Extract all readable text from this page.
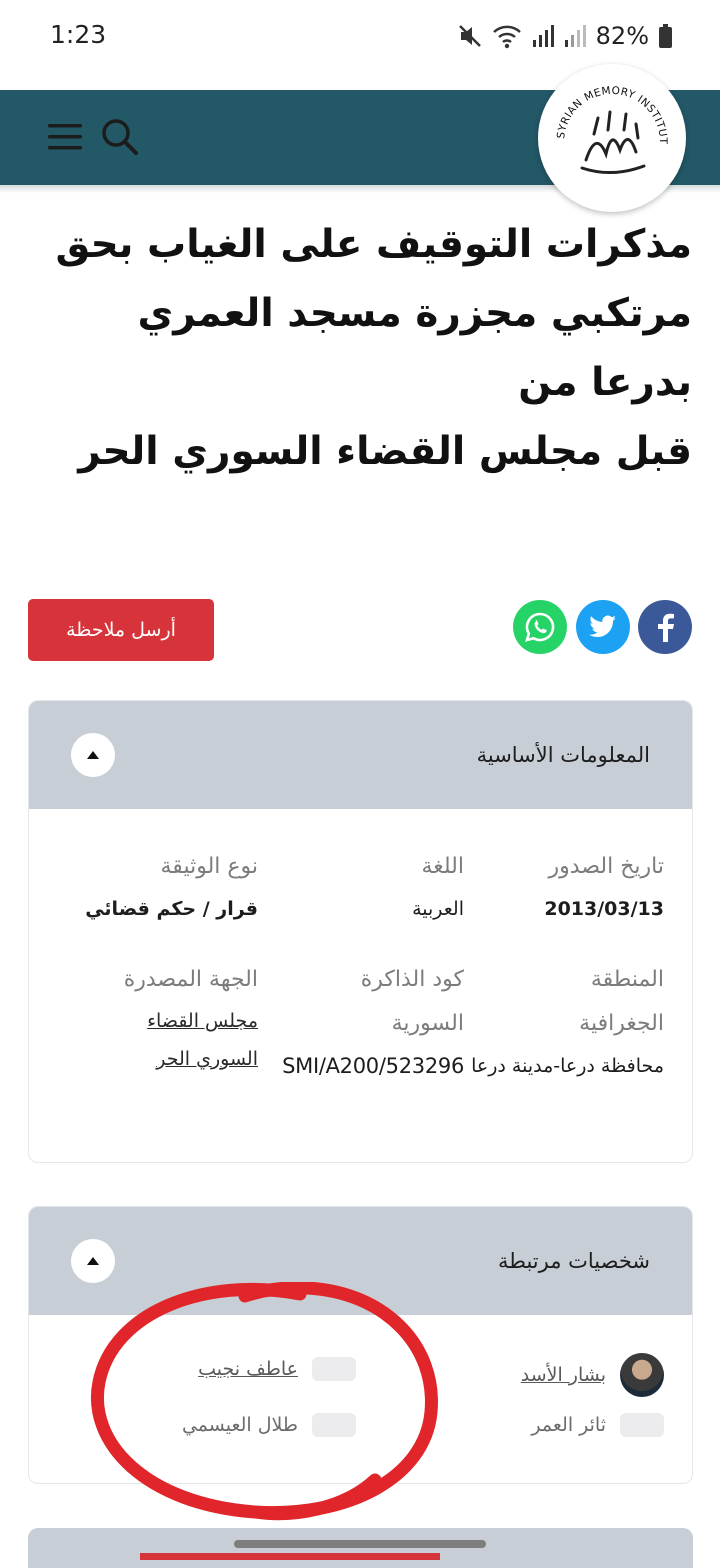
1:23	82%
SYRIAN MEMORY INSTITUT
مذكرات التوقيف على الغياب بحق
مرتكبي مجزرة مسجد العمري بدرعا من
قبل مجلس القضاء السوري الحر
أرسل ملاحظة
المعلومات الأساسية
تاريخ الصدور
2013/03/13
اللغة
العربية
نوع الوثيقة
قرار / حكم قضائي
المنطقة
الجغرافية
محافظة درعا-مدينة درعا
كود الذاكرة
السورية
SMI/A200/523296
الجهة المصدرة
مجلس القضاء
السوري الحر
شخصيات مرتبطة
بشار الأسد
ثائر العمر
عاطف نجيب
طلال العيسمي
